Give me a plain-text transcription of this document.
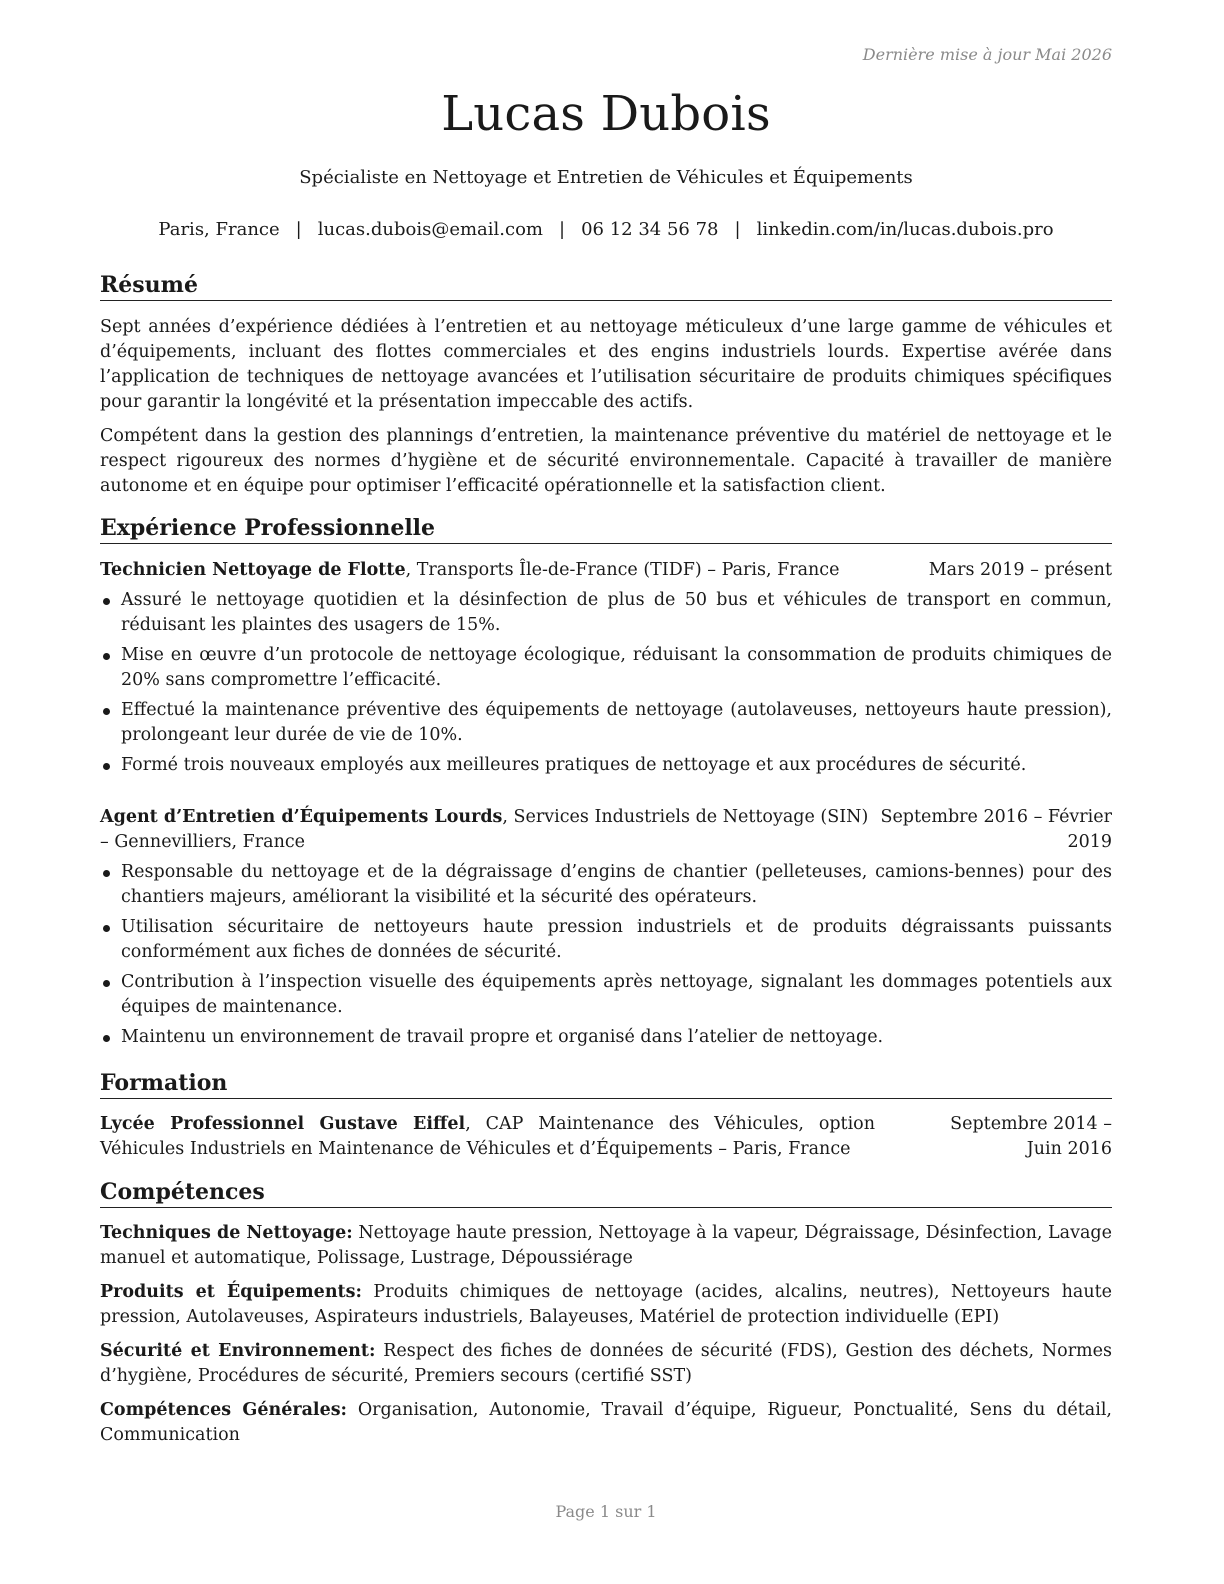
Dernière mise à jour Mai 2026
Lucas Dubois
Spécialiste en Nettoyage et Entretien de Véhicules et Équipements
Paris, France | lucas.dubois@email.com | 06 12 34 56 78 | linkedin.com/in/lucas.dubois.pro
Résumé
Sept années d’expérience dédiées à l’entretien et au nettoyage méticuleux d’une large gamme de véhicules et d’équipements, incluant des flottes commerciales et des engins industriels lourds. Expertise avérée dans l’application de techniques de nettoyage avancées et l’utilisation sécuritaire de produits chimiques spécifiques pour garantir la longévité et la présentation impeccable des actifs.
Compétent dans la gestion des plannings d’entretien, la maintenance préventive du matériel de nettoyage et le respect rigoureux des normes d’hygiène et de sécurité environnementale. Capacité à travailler de manière autonome et en équipe pour optimiser l’efficacité opérationnelle et la satisfaction client.
Expérience Professionnelle
Technicien Nettoyage de Flotte, Transports Île-de-France (TIDF) – Paris, France	Mars 2019 – présent
Assuré le nettoyage quotidien et la désinfection de plus de 50 bus et véhicules de transport en commun, réduisant les plaintes des usagers de 15%.
Mise en œuvre d’un protocole de nettoyage écologique, réduisant la consommation de produits chimiques de 20% sans compromettre l’efficacité.
Effectué la maintenance préventive des équipements de nettoyage (autolaveuses, nettoyeurs haute pression), prolongeant leur durée de vie de 10%.
Formé trois nouveaux employés aux meilleures pratiques de nettoyage et aux procédures de sécurité.
Agent d’Entretien d’Équipements Lourds, Services Industriels de Nettoyage (SIN) – Gennevilliers, France
Septembre 2016 – Février 2019
Responsable du nettoyage et de la dégraissage d’engins de chantier (pelleteuses, camions-bennes) pour des chantiers majeurs, améliorant la visibilité et la sécurité des opérateurs.
Utilisation sécuritaire de nettoyeurs haute pression industriels et de produits dégraissants puissants conformément aux fiches de données de sécurité.
Contribution à l’inspection visuelle des équipements après nettoyage, signalant les dommages potentiels aux équipes de maintenance.
Maintenu un environnement de travail propre et organisé dans l’atelier de nettoyage.
Formation
Lycée Professionnel Gustave Eiffel, CAP Maintenance des Véhicules, option Véhicules Industriels en Maintenance de Véhicules et d’Équipements – Paris, France
Septembre 2014 – Juin 2016
Compétences
Techniques de Nettoyage: Nettoyage haute pression, Nettoyage à la vapeur, Dégraissage, Désinfection, Lavage manuel et automatique, Polissage, Lustrage, Dépoussiérage
Produits et Équipements: Produits chimiques de nettoyage (acides, alcalins, neutres), Nettoyeurs haute pression, Autolaveuses, Aspirateurs industriels, Balayeuses, Matériel de protection individuelle (EPI)
Sécurité et Environnement: Respect des fiches de données de sécurité (FDS), Gestion des déchets, Normes d’hygiène, Procédures de sécurité, Premiers secours (certifié SST)
Compétences Générales: Organisation, Autonomie, Travail d’équipe, Rigueur, Ponctualité, Sens du détail, Communication
Page 1 sur 1
